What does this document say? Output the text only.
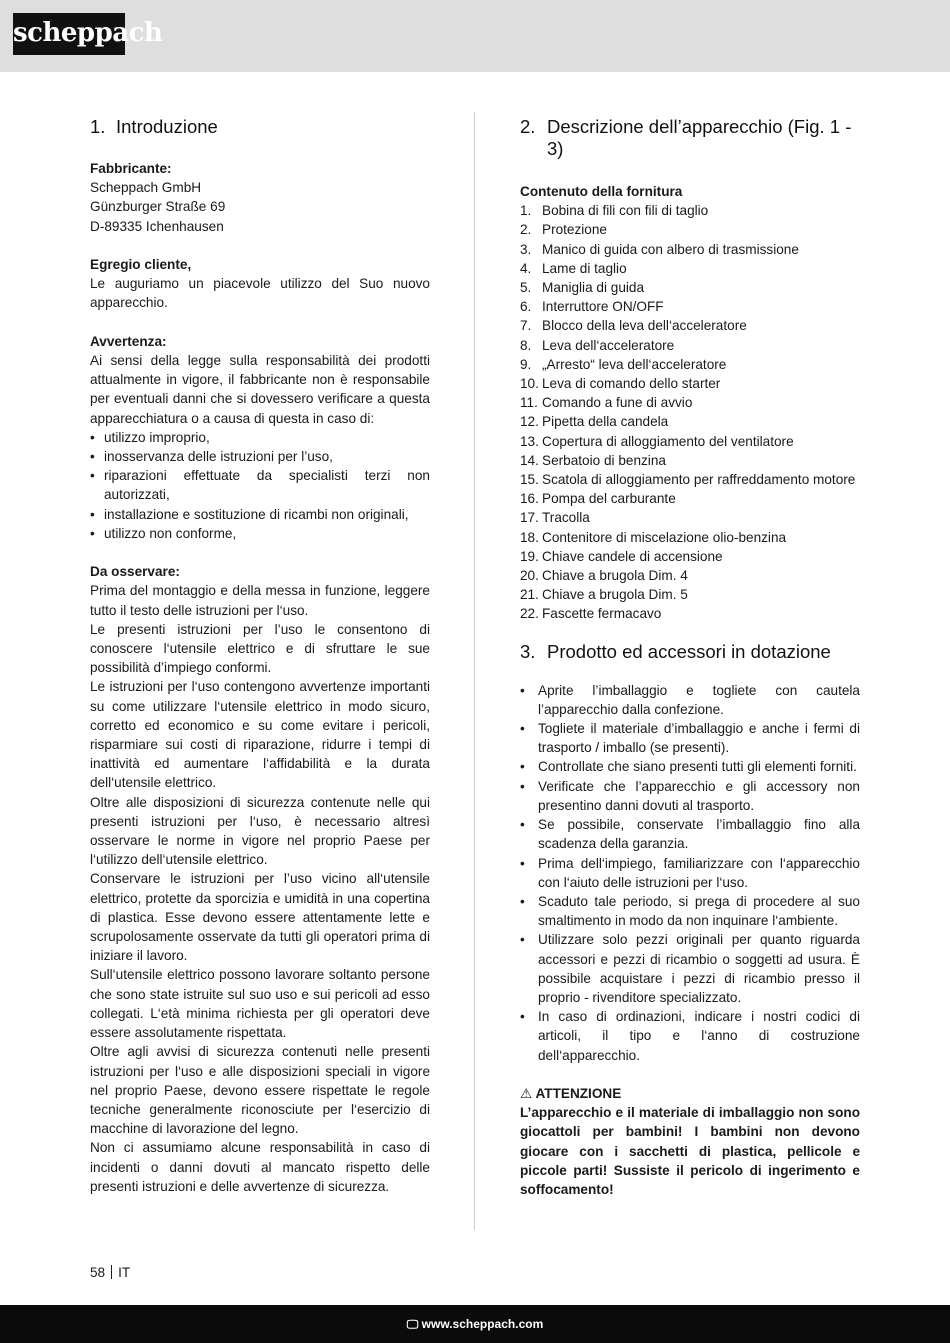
scheppach
1. Introduzione

Fabbricante:

Scheppach GmbH

Günzburger Straße 69

D-89335 Ichenhausen

Egregio cliente,

Le auguriamo un piacevole utilizzo del Suo nuovo apparecchio.

Avvertenza:

Ai sensi della legge sulla responsabilità dei prodotti attualmente in vigore, il fabbricante non è responsabile per eventuali danni che si dovessero verificare a questa apparecchiatura o a causa di questa in caso di:

• utilizzo improprio,
• inosservanza delle istruzioni per l’uso,
• riparazioni effettuate da specialisti terzi non autorizzati,
• installazione e sostituzione di ricambi non originali,
• utilizzo non conforme,

Da osservare:

Prima del montaggio e della messa in funzione, leggere tutto il testo delle istruzioni per l‘uso.

Le presenti istruzioni per l’uso le consentono di conoscere l‘utensile elettrico e di sfruttare le sue possibilità d’impiego conformi.

Le istruzioni per l‘uso contengono avvertenze importanti su come utilizzare l‘utensile elettrico in modo sicuro, corretto ed economico e su come evitare i pericoli, risparmiare sui costi di riparazione, ridurre i tempi di inattività ed aumentare l‘affidabilità e la durata dell‘utensile elettrico.

Oltre alle disposizioni di sicurezza contenute nelle qui presenti istruzioni per l‘uso, è necessario altresì osservare le norme in vigore nel proprio Paese per l‘utilizzo dell‘utensile elettrico.

Conservare le istruzioni per l’uso vicino all‘utensile elettrico, protette da sporcizia e umidità in una copertina di plastica. Esse devono essere attentamente lette e scrupolosamente osservate da tutti gli operatori prima di iniziare il lavoro.

Sull‘utensile elettrico possono lavorare soltanto persone che sono state istruite sul suo uso e sui pericoli ad esso collegati. L‘età minima richiesta per gli operatori deve essere assolutamente rispettata.

Oltre agli avvisi di sicurezza contenuti nelle presenti istruzioni per l‘uso e alle disposizioni speciali in vigore nel proprio Paese, devono essere rispettate le regole tecniche generalmente riconosciute per l‘esercizio di macchine di lavorazione del legno.

Non ci assumiamo alcune responsabilità in caso di incidenti o danni dovuti al mancato rispetto delle presenti istruzioni e delle avvertenze di sicurezza.

2. Descrizione dell’apparecchio (Fig. 1 - 3)

Contenuto della fornitura

1. Bobina di fili con fili di taglio
2. Protezione
3. Manico di guida con albero di trasmissione
4. Lame di taglio
5. Maniglia di guida
6. Interruttore ON/OFF
7. Blocco della leva dell‘acceleratore
8. Leva dell‘acceleratore
9. „Arresto“ leva dell‘acceleratore
10. Leva di comando dello starter
11. Comando a fune di avvio
12. Pipetta della candela
13. Copertura di alloggiamento del ventilatore
14. Serbatoio di benzina
15. Scatola di alloggiamento per raffreddamento motore
16. Pompa del carburante
17. Tracolla
18. Contenitore di miscelazione olio-benzina
19. Chiave candele di accensione
20. Chiave a brugola Dim. 4
21. Chiave a brugola Dim. 5
22. Fascette fermacavo
3. Prodotto ed accessori in dotazione
• Aprite l’imballaggio e togliete con cautela l’apparecchio dalla confezione.
• Togliete il materiale d’imballaggio e anche i fermi di trasporto / imballo (se presenti).
• Controllate che siano presenti tutti gli elementi forniti.
• Verificate che l’apparecchio e gli accessory non presentino danni dovuti al trasporto.
• Se possibile, conservate l’imballaggio fino alla scadenza della garanzia.
• Prima dell‘impiego, familiarizzare con l‘apparecchio con l‘aiuto delle istruzioni per l‘uso.
• Scaduto tale periodo, si prega di procedere al suo smaltimento in modo da non inquinare l‘ambiente.
• Utilizzare solo pezzi originali per quanto riguarda accessori e pezzi di ricambio o soggetti ad usura. È possibile acquistare i pezzi di ricambio presso il proprio - rivenditore specializzato.
• In caso di ordinazioni, indicare i nostri codici di articoli, il tipo e l‘anno di costruzione dell‘apparecchio.

⚠ ATTENZIONE

L’apparecchio e il materiale di imballaggio non sono giocattoli per bambini! I bambini non devono giocare con i sacchetti di plastica, pellicole e piccole parti! Sussiste il pericolo di ingerimento e soffocamento!

58 IT
🖵︎ www.scheppach.com
